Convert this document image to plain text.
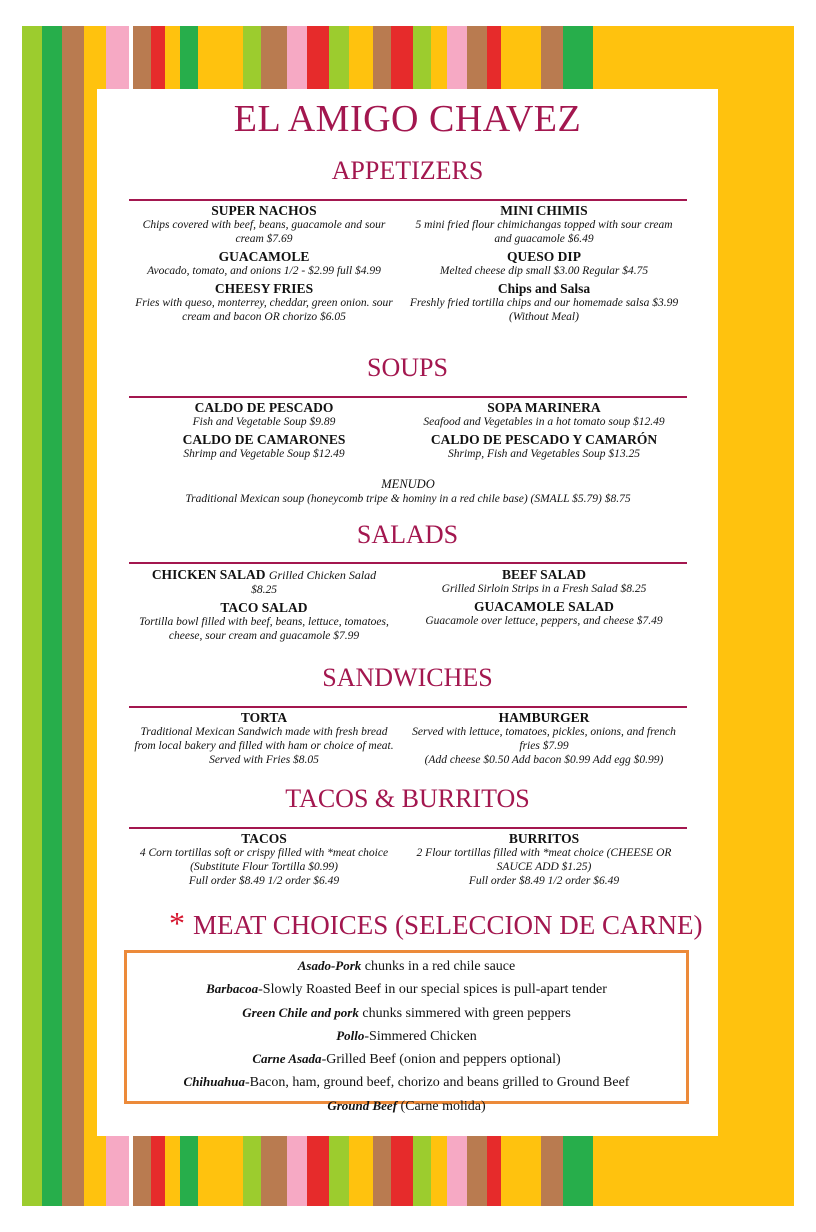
EL AMIGO CHAVEZ
APPETIZERS
SUPER NACHOS
Chips covered with beef, beans, guacamole and sour cream $7.69
GUACAMOLE
Avocado, tomato, and onions 1/2 - $2.99 full $4.99
CHEESY FRIES
Fries with queso, monterrey, cheddar, green onion. sour cream and bacon OR chorizo $6.05
MINI CHIMIS
5 mini fried flour chimichangas topped with sour cream and guacamole $6.49
QUESO DIP
Melted cheese dip small $3.00 Regular $4.75
Chips and Salsa
Freshly fried tortilla chips and our homemade salsa $3.99 (Without Meal)
SOUPS
CALDO DE PESCADO
Fish and Vegetable Soup $9.89
CALDO DE CAMARONES
Shrimp and Vegetable Soup $12.49
SOPA MARINERA
Seafood and Vegetables in a hot tomato soup $12.49
CALDO DE PESCADO Y CAMARÓN
Shrimp, Fish and Vegetables Soup $13.25
MENUDO
Traditional Mexican soup (honeycomb tripe & hominy in a red chile base) (SMALL $5.79) $8.75
SALADS
CHICKEN SALAD Grilled Chicken Salad
$8.25
TACO SALAD
Tortilla bowl filled with beef, beans, lettuce, tomatoes, cheese, sour cream and guacamole $7.99
BEEF SALAD
Grilled Sirloin Strips in a Fresh Salad $8.25
GUACAMOLE SALAD
Guacamole over lettuce, peppers, and cheese $7.49
SANDWICHES
TORTA
Traditional Mexican Sandwich made with fresh bread from local bakery and filled with ham or choice of meat. Served with Fries $8.05
HAMBURGER
Served with lettuce, tomatoes, pickles, onions, and french fries $7.99
(Add cheese $0.50 Add bacon $0.99 Add egg $0.99)
TACOS & BURRITOS
TACOS
4 Corn tortillas soft or crispy filled with *meat choice (Substitute Flour Tortilla $0.99)
Full order $8.49 1/2 order $6.49
BURRITOS
2 Flour tortillas filled with *meat choice (CHEESE OR SAUCE ADD $1.25)
Full order $8.49 1/2 order $6.49
* MEAT CHOICES (SELECCION DE CARNE)
Asado-Pork chunks in a red chile sauce
Barbacoa-Slowly Roasted Beef in our special spices is pull-apart tender
Green Chile and pork chunks simmered with green peppers
Pollo-Simmered Chicken
Carne Asada-Grilled Beef (onion and peppers optional)
Chihuahua-Bacon, ham, ground beef, chorizo and beans grilled to Ground Beef
Ground Beef (Carne molida)
